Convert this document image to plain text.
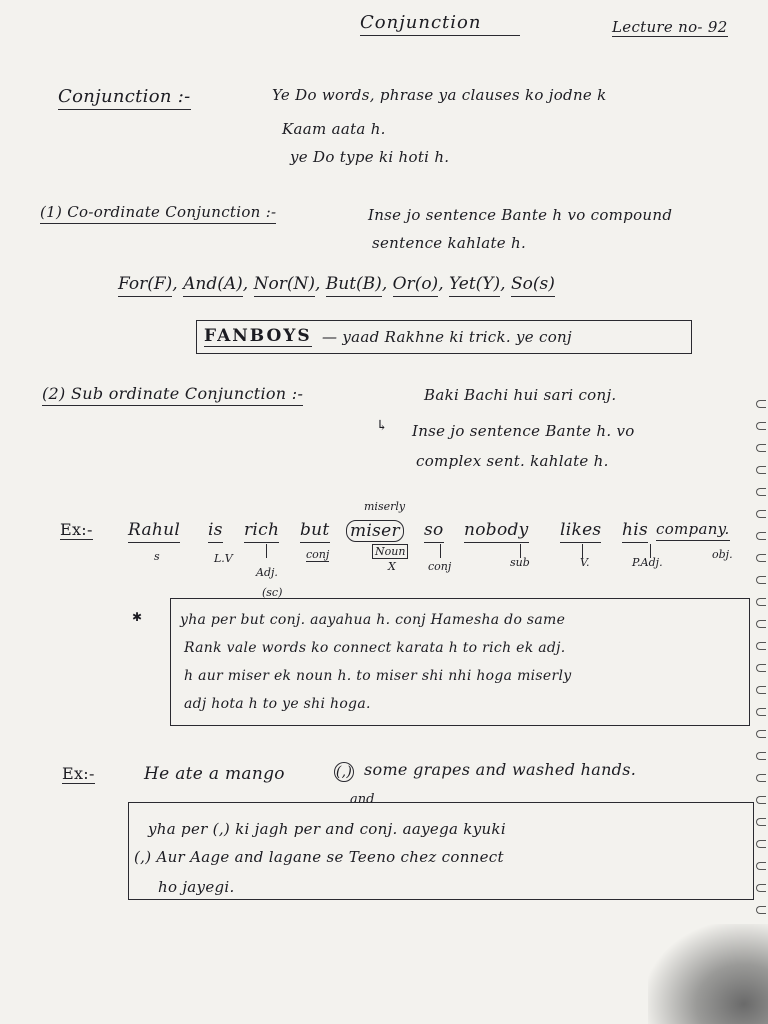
Conjunction	Lecture no- 92
Conjunction :-	Ye Do words, phrase ya clauses ko jodne k
Kaam aata h.
ye Do type ki hoti h.
(1) Co-ordinate Conjunction :-	Inse jo sentence Bante h vo compound
sentence kahlate h.
For(F), And(A), Nor(N), But(B), Or(o), Yet(Y), So(s)
FANBOYS — yaad Rakhne ki trick. ye conj
(2) Sub ordinate Conjunction :-	Baki Bachi hui sari conj.
↳ Inse jo sentence Bante h. vo
complex sent. kahlate h.
Ex:-
miserly
Rahul is rich but miser so nobody likes his company.
s	L.V
Adj.
(sc)
conj	Noun
X	conj	sub	V.	P.Adj.
obj.
✱	yha per but conj. aayahua h. conj Hamesha do same
Rank vale words ko connect karata h to rich ek adj.
h aur miser ek noun h. to miser shi nhi hoga miserly
adj hota h to ye shi hoga.
Ex:-	He ate a mango	(,) some grapes and washed hands.
and
yha per (,) ki jagh per and conj. aayega kyuki
(,) Aur Aage and lagane se Teeno chez connect
ho jayegi.
